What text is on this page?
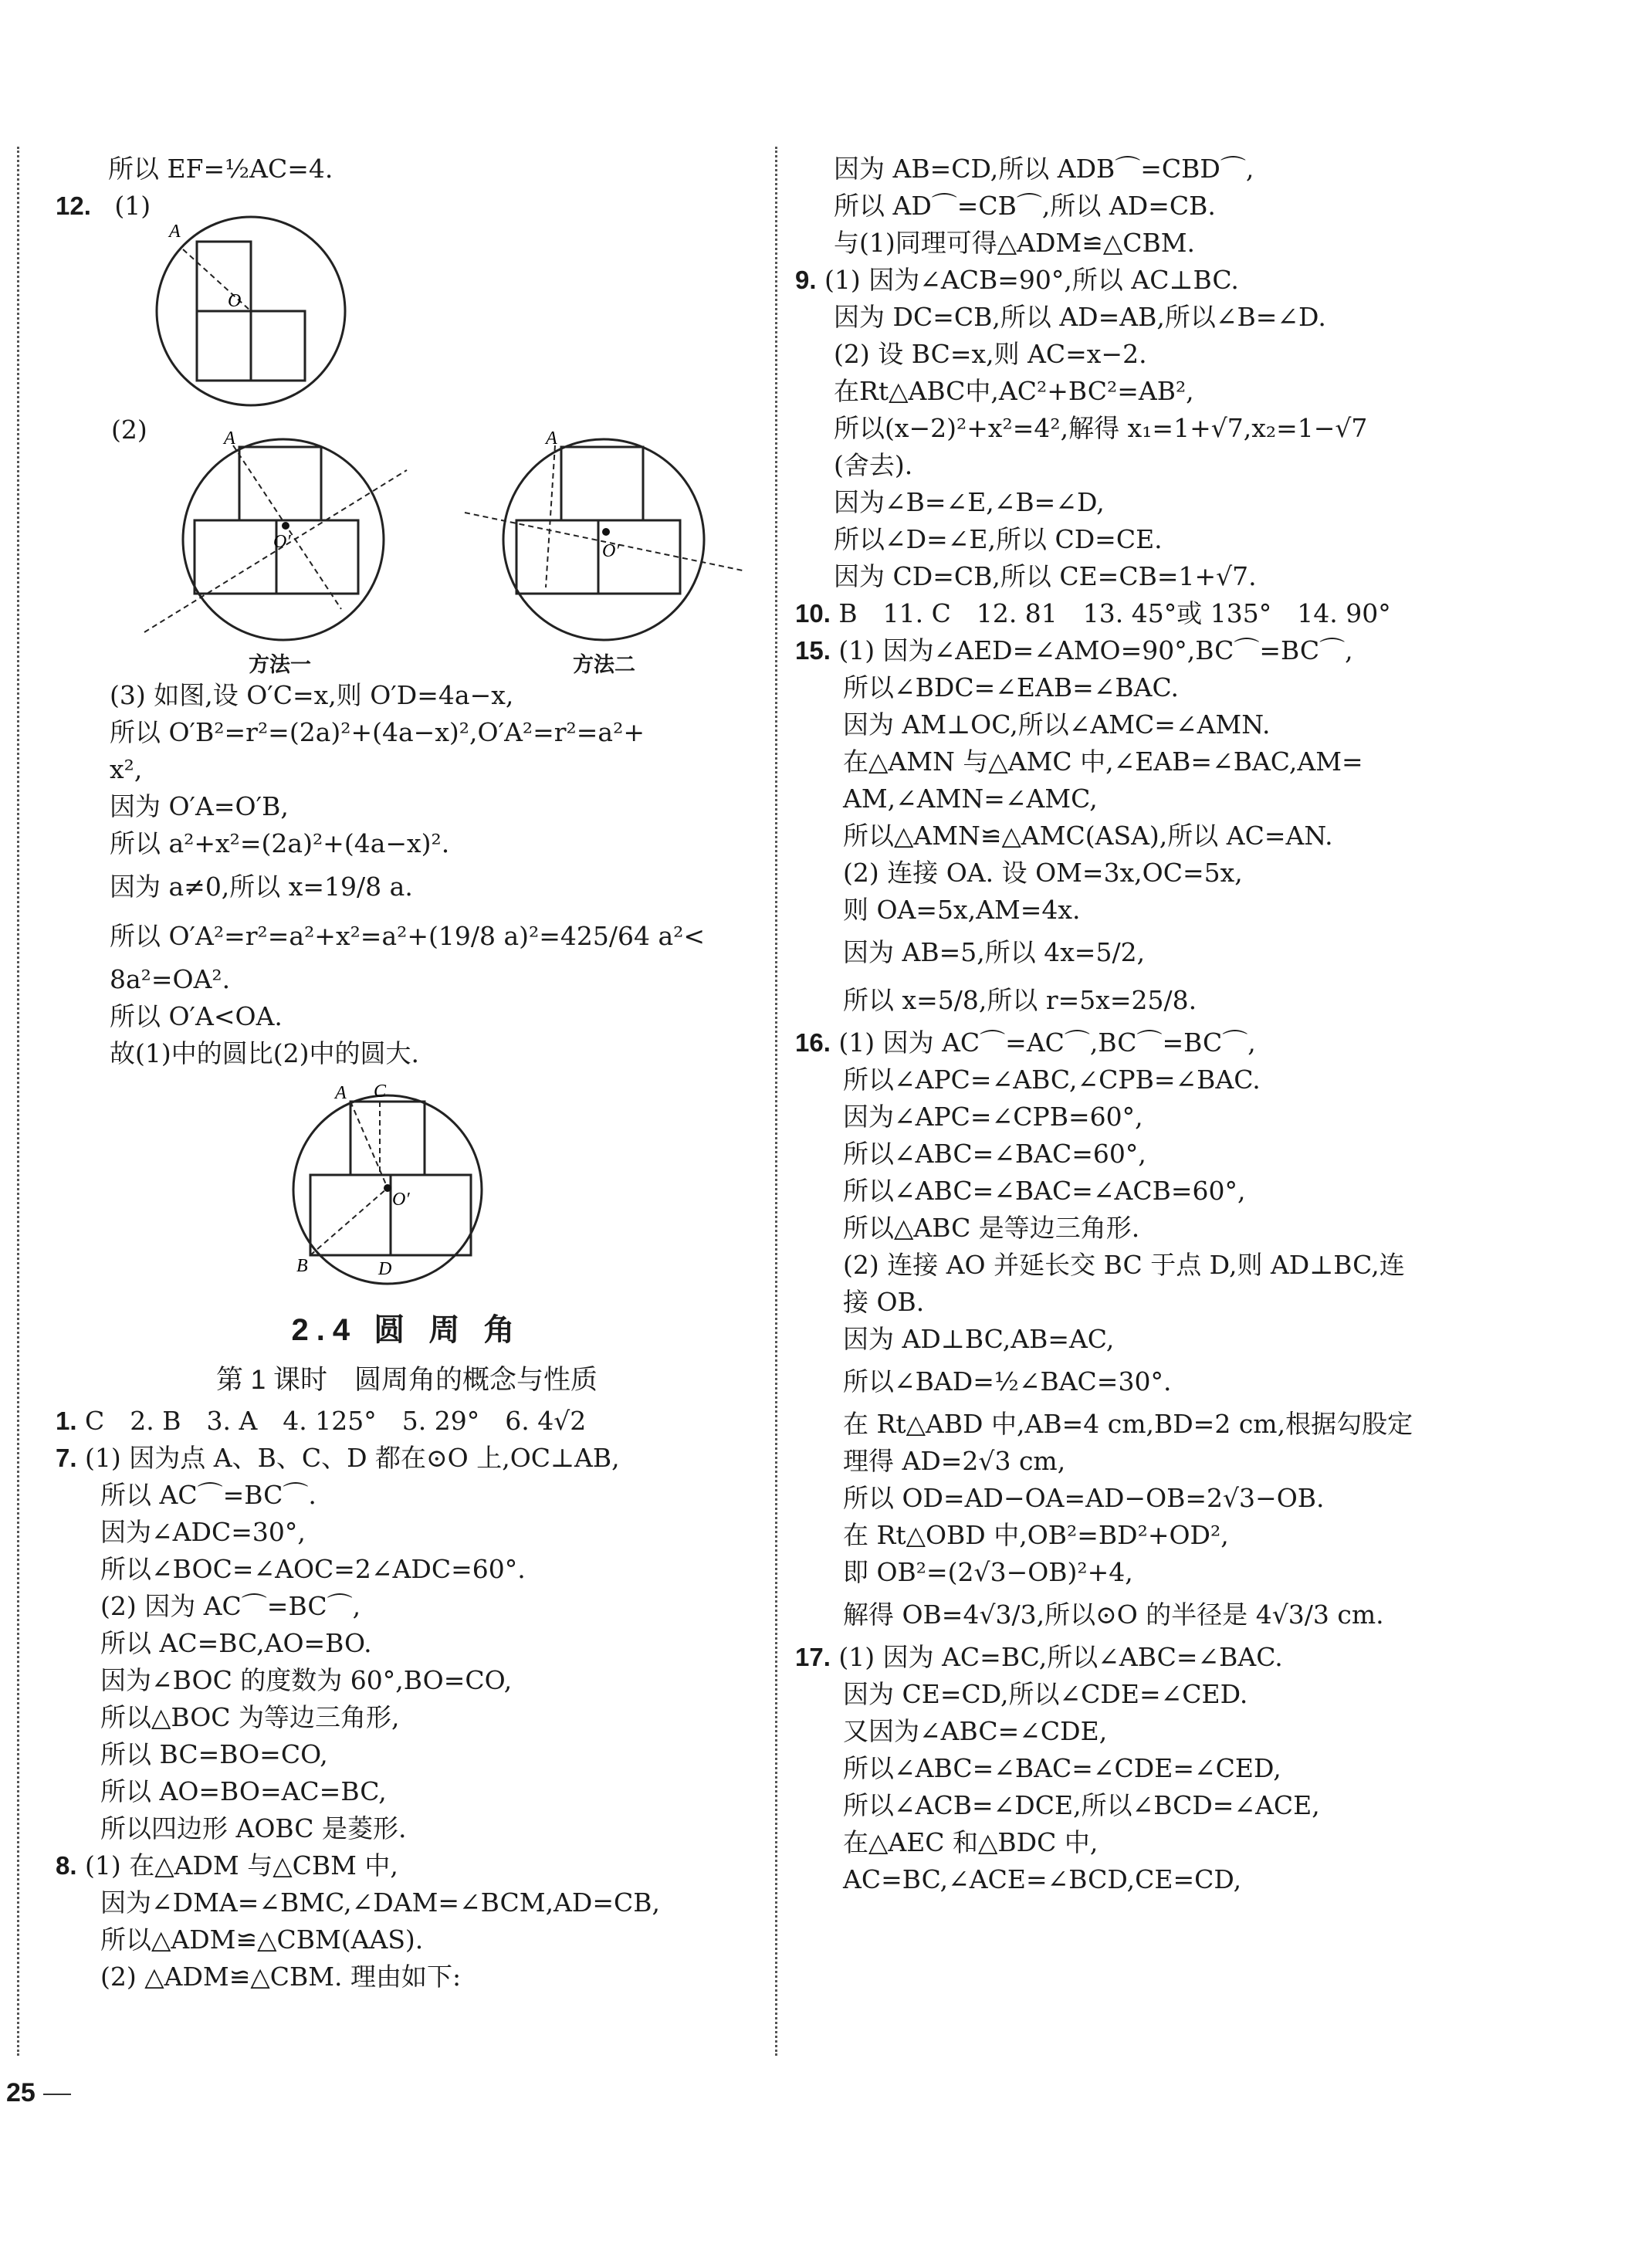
所以 EF=½AC=4.
12. (1)
O
A
(2)
O′
A
O′
A
方法一	方法二
(3) 如图,设 O′C=x,则 O′D=4a−x,
所以 O′B²=r²=(2a)²+(4a−x)²,O′A²=r²=a²+
x²,
因为 O′A=O′B,
所以 a²+x²=(2a)²+(4a−x)².
因为 a≠0,所以 x=19/8 a.
所以 O′A²=r²=a²+x²=a²+(19/8 a)²=425/64 a²<
8a²=OA².
所以 O′A<OA.
故(1)中的圆比(2)中的圆大.
O′
A C
B	D
2.4 圆 周 角
第 1 课时　圆周角的概念与性质
1. C　2. B　3. A　4. 125°　5. 29°　6. 4√2
7. (1) 因为点 A、B、C、D 都在⊙O 上,OC⊥AB,
所以 AC⌒=BC⌒.
因为∠ADC=30°,
所以∠BOC=∠AOC=2∠ADC=60°.
(2) 因为 AC⌒=BC⌒,
所以 AC=BC,AO=BO.
因为∠BOC 的度数为 60°,BO=CO,
所以△BOC 为等边三角形,
所以 BC=BO=CO,
所以 AO=BO=AC=BC,
所以四边形 AOBC 是菱形.
8. (1) 在△ADM 与△CBM 中,
因为∠DMA=∠BMC,∠DAM=∠BCM,AD=CB,
所以△ADM≌△CBM(AAS).
(2) △ADM≌△CBM. 理由如下:
因为 AB=CD,所以 ADB⌒=CBD⌒,
所以 AD⌒=CB⌒,所以 AD=CB.
与(1)同理可得△ADM≌△CBM.
9. (1) 因为∠ACB=90°,所以 AC⊥BC.
因为 DC=CB,所以 AD=AB,所以∠B=∠D.
(2) 设 BC=x,则 AC=x−2.
在Rt△ABC中,AC²+BC²=AB²,
所以(x−2)²+x²=4²,解得 x₁=1+√7,x₂=1−√7
(舍去).
因为∠B=∠E,∠B=∠D,
所以∠D=∠E,所以 CD=CE.
因为 CD=CB,所以 CE=CB=1+√7.
10. B　11. C　12. 81　13. 45°或 135°　14. 90°
15. (1) 因为∠AED=∠AMO=90°,BC⌒=BC⌒,
所以∠BDC=∠EAB=∠BAC.
因为 AM⊥OC,所以∠AMC=∠AMN.
在△AMN 与△AMC 中,∠EAB=∠BAC,AM=
AM,∠AMN=∠AMC,
所以△AMN≌△AMC(ASA),所以 AC=AN.
(2) 连接 OA. 设 OM=3x,OC=5x,
则 OA=5x,AM=4x.
因为 AB=5,所以 4x=5/2,
所以 x=5/8,所以 r=5x=25/8.
16. (1) 因为 AC⌒=AC⌒,BC⌒=BC⌒,
所以∠APC=∠ABC,∠CPB=∠BAC.
因为∠APC=∠CPB=60°,
所以∠ABC=∠BAC=60°,
所以∠ABC=∠BAC=∠ACB=60°,
所以△ABC 是等边三角形.
(2) 连接 AO 并延长交 BC 于点 D,则 AD⊥BC,连
接 OB.
因为 AD⊥BC,AB=AC,
所以∠BAD=½∠BAC=30°.
在 Rt△ABD 中,AB=4 cm,BD=2 cm,根据勾股定
理得 AD=2√3 cm,
所以 OD=AD−OA=AD−OB=2√3−OB.
在 Rt△OBD 中,OB²=BD²+OD²,
即 OB²=(2√3−OB)²+4,
解得 OB=4√3/3,所以⊙O 的半径是 4√3/3 cm.
17. (1) 因为 AC=BC,所以∠ABC=∠BAC.
因为 CE=CD,所以∠CDE=∠CED.
又因为∠ABC=∠CDE,
所以∠ABC=∠BAC=∠CDE=∠CED,
所以∠ACB=∠DCE,所以∠BCD=∠ACE,
在△AEC 和△BDC 中,
AC=BC,∠ACE=∠BCD,CE=CD,
25
